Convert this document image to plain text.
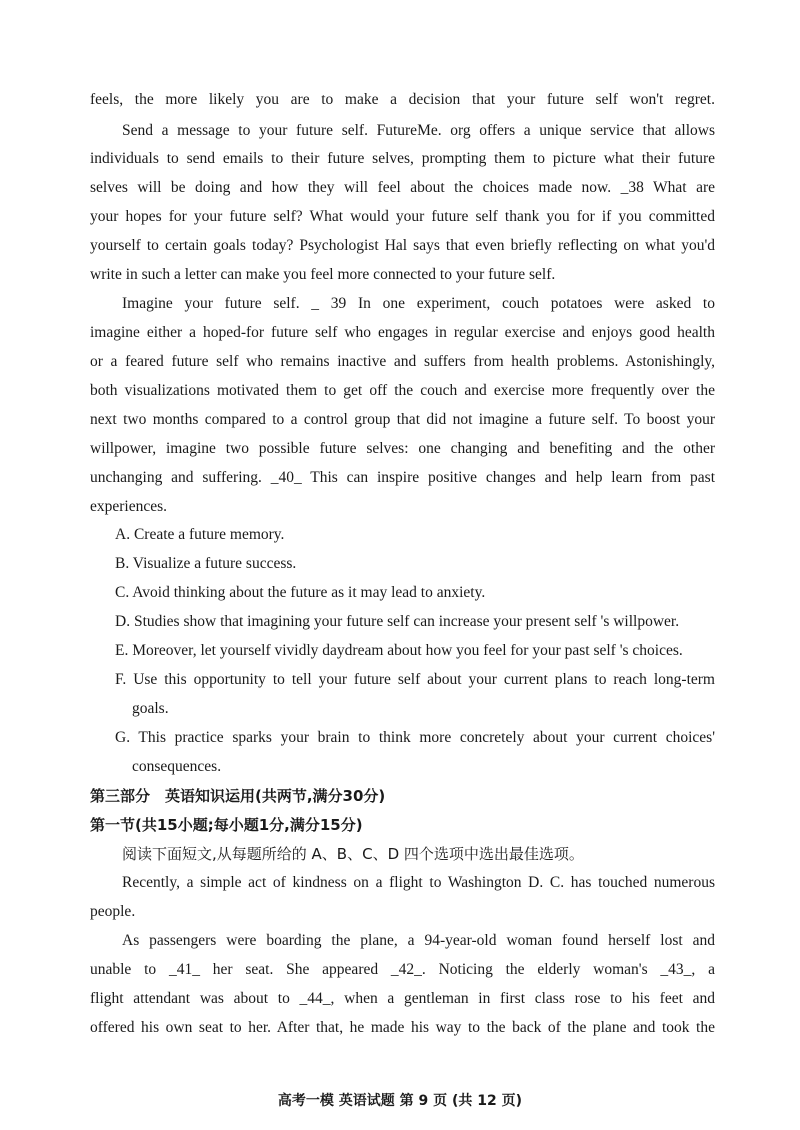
feels, the more likely you are to make a decision that your future self won't regret.
Send a message to your future self. FutureMe. org offers a unique service that allows
individuals to send emails to their future selves, prompting them to picture what their future
selves will be doing and how they will feel about the choices made now. _38 What are
your hopes for your future self? What would your future self thank you for if you committed
yourself to certain goals today? Psychologist Hal says that even briefly reflecting on what you'd
write in such a letter can make you feel more connected to your future self.
Imagine your future self. _ 39 In one experiment, couch potatoes were asked to
imagine either a hoped-for future self who engages in regular exercise and enjoys good health
or a feared future self who remains inactive and suffers from health problems. Astonishingly,
both visualizations motivated them to get off the couch and exercise more frequently over the
next two months compared to a control group that did not imagine a future self. To boost your
willpower, imagine two possible future selves: one changing and benefiting and the other
unchanging and suffering. _40_ This can inspire positive changes and help learn from past
experiences.
A. Create a future memory.
B. Visualize a future success.
C. Avoid thinking about the future as it may lead to anxiety.
D. Studies show that imagining your future self can increase your present self 's willpower.
E. Moreover, let yourself vividly daydream about how you feel for your past self 's choices.
F. Use this opportunity to tell your future self about your current plans to reach long-term
goals.
G. This practice sparks your brain to think more concretely about your current choices'
consequences.
第三部分　英语知识运用(共两节,满分30分)
第一节(共15小题;每小题1分,满分15分)
阅读下面短文,从每题所给的 A、B、C、D 四个选项中选出最佳选项。
Recently, a simple act of kindness on a flight to Washington D. C. has touched numerous
people.
As passengers were boarding the plane, a 94-year-old woman found herself lost and
unable to _41_ her seat. She appeared _42_. Noticing the elderly woman's _43_, a
flight attendant was about to _44_, when a gentleman in first class rose to his feet and
offered his own seat to her. After that, he made his way to the back of the plane and took the
高考一模 英语试题 第 9 页 (共 12 页)
